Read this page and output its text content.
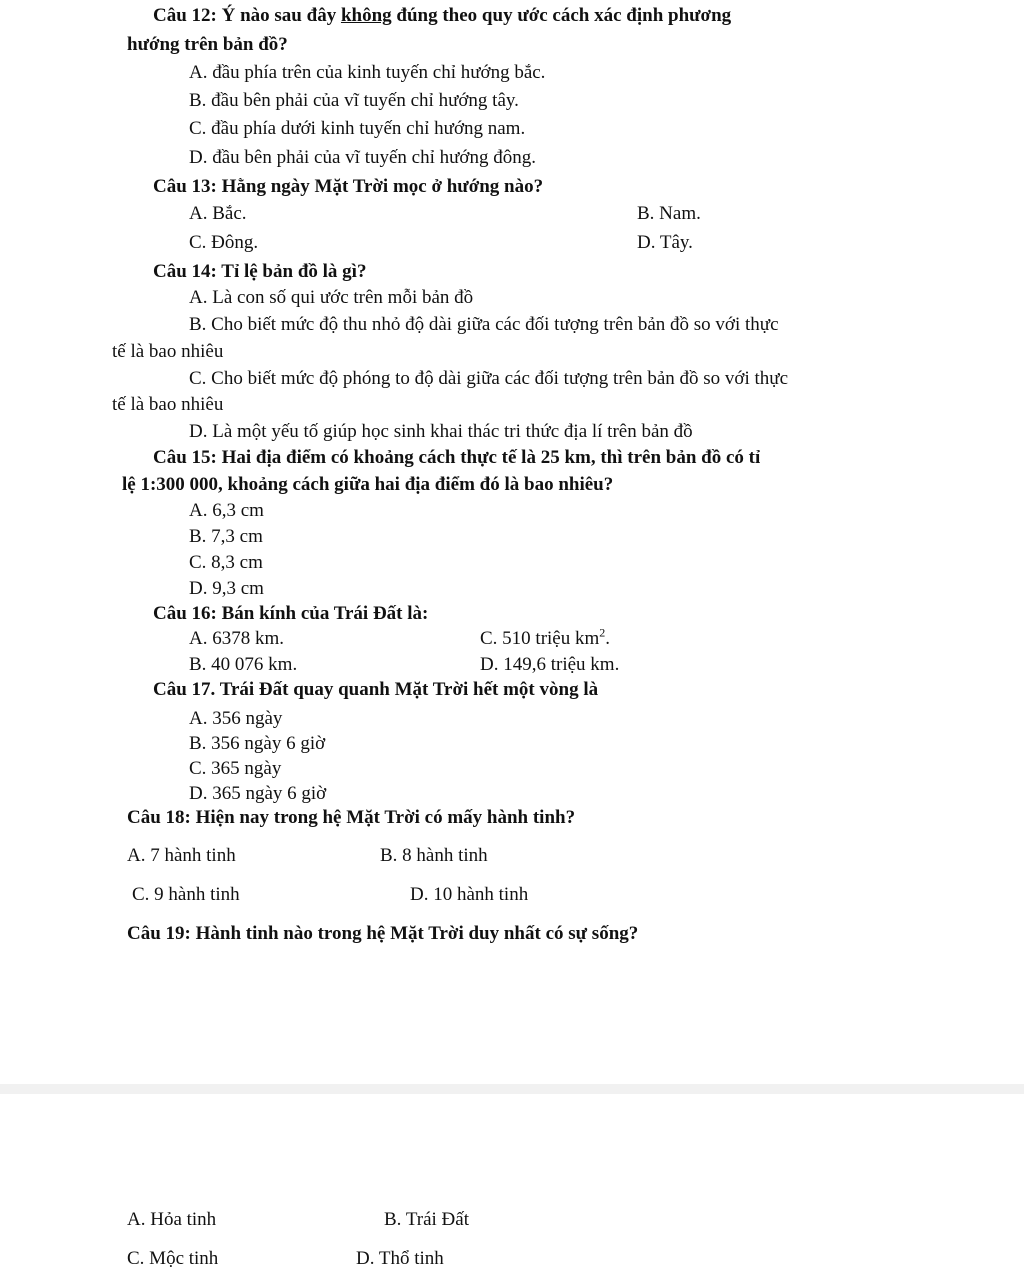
Câu 12: Ý nào sau đây không đúng theo quy ước cách xác định phương
hướng trên bản đồ?
A. đầu phía trên của kinh tuyến chỉ hướng bắc.
B. đầu bên phải của vĩ tuyến chỉ hướng tây.
C. đầu phía dưới kinh tuyến chỉ hướng nam.
D. đầu bên phải của vĩ tuyến chỉ hướng đông.
Câu 13: Hằng ngày Mặt Trời mọc ở hướng nào?
A. Bắc.	B. Nam.
C. Đông.	D. Tây.
Câu 14: Tỉ lệ bản đồ là gì?
A. Là con số qui ước trên mỗi bản đồ
B. Cho biết mức độ thu nhỏ độ dài giữa các đối tượng trên bản đồ so với thực
tế là bao nhiêu
C. Cho biết mức độ phóng to độ dài giữa các đối tượng trên bản đồ so với thực
tế là bao nhiêu
D. Là một yếu tố giúp học sinh khai thác tri thức địa lí trên bản đồ
Câu 15: Hai địa điểm có khoảng cách thực tế là 25 km, thì trên bản đồ có tỉ
lệ 1:300 000, khoảng cách giữa hai địa điểm đó là bao nhiêu?
A. 6,3 cm
B. 7,3 cm
C. 8,3 cm
D. 9,3 cm
Câu 16: Bán kính của Trái Đất là:
A. 6378 km.	C. 510 triệu $km^2$.
B. 40 076 km.	D. 149,6 triệu km.
Câu 17. Trái Đất quay quanh Mặt Trời hết một vòng là
A. 356 ngày
B. 356 ngày 6 giờ
C. 365 ngày
D. 365 ngày 6 giờ
Câu 18: Hiện nay trong hệ Mặt Trời có mấy hành tinh?
A. 7 hành tinh	B. 8 hành tinh
C. 9 hành tinh	D. 10 hành tinh
Câu 19: Hành tinh nào trong hệ Mặt Trời duy nhất có sự sống?
A. Hỏa tinh	B. Trái Đất
C. Mộc tinh	D. Thổ tinh
